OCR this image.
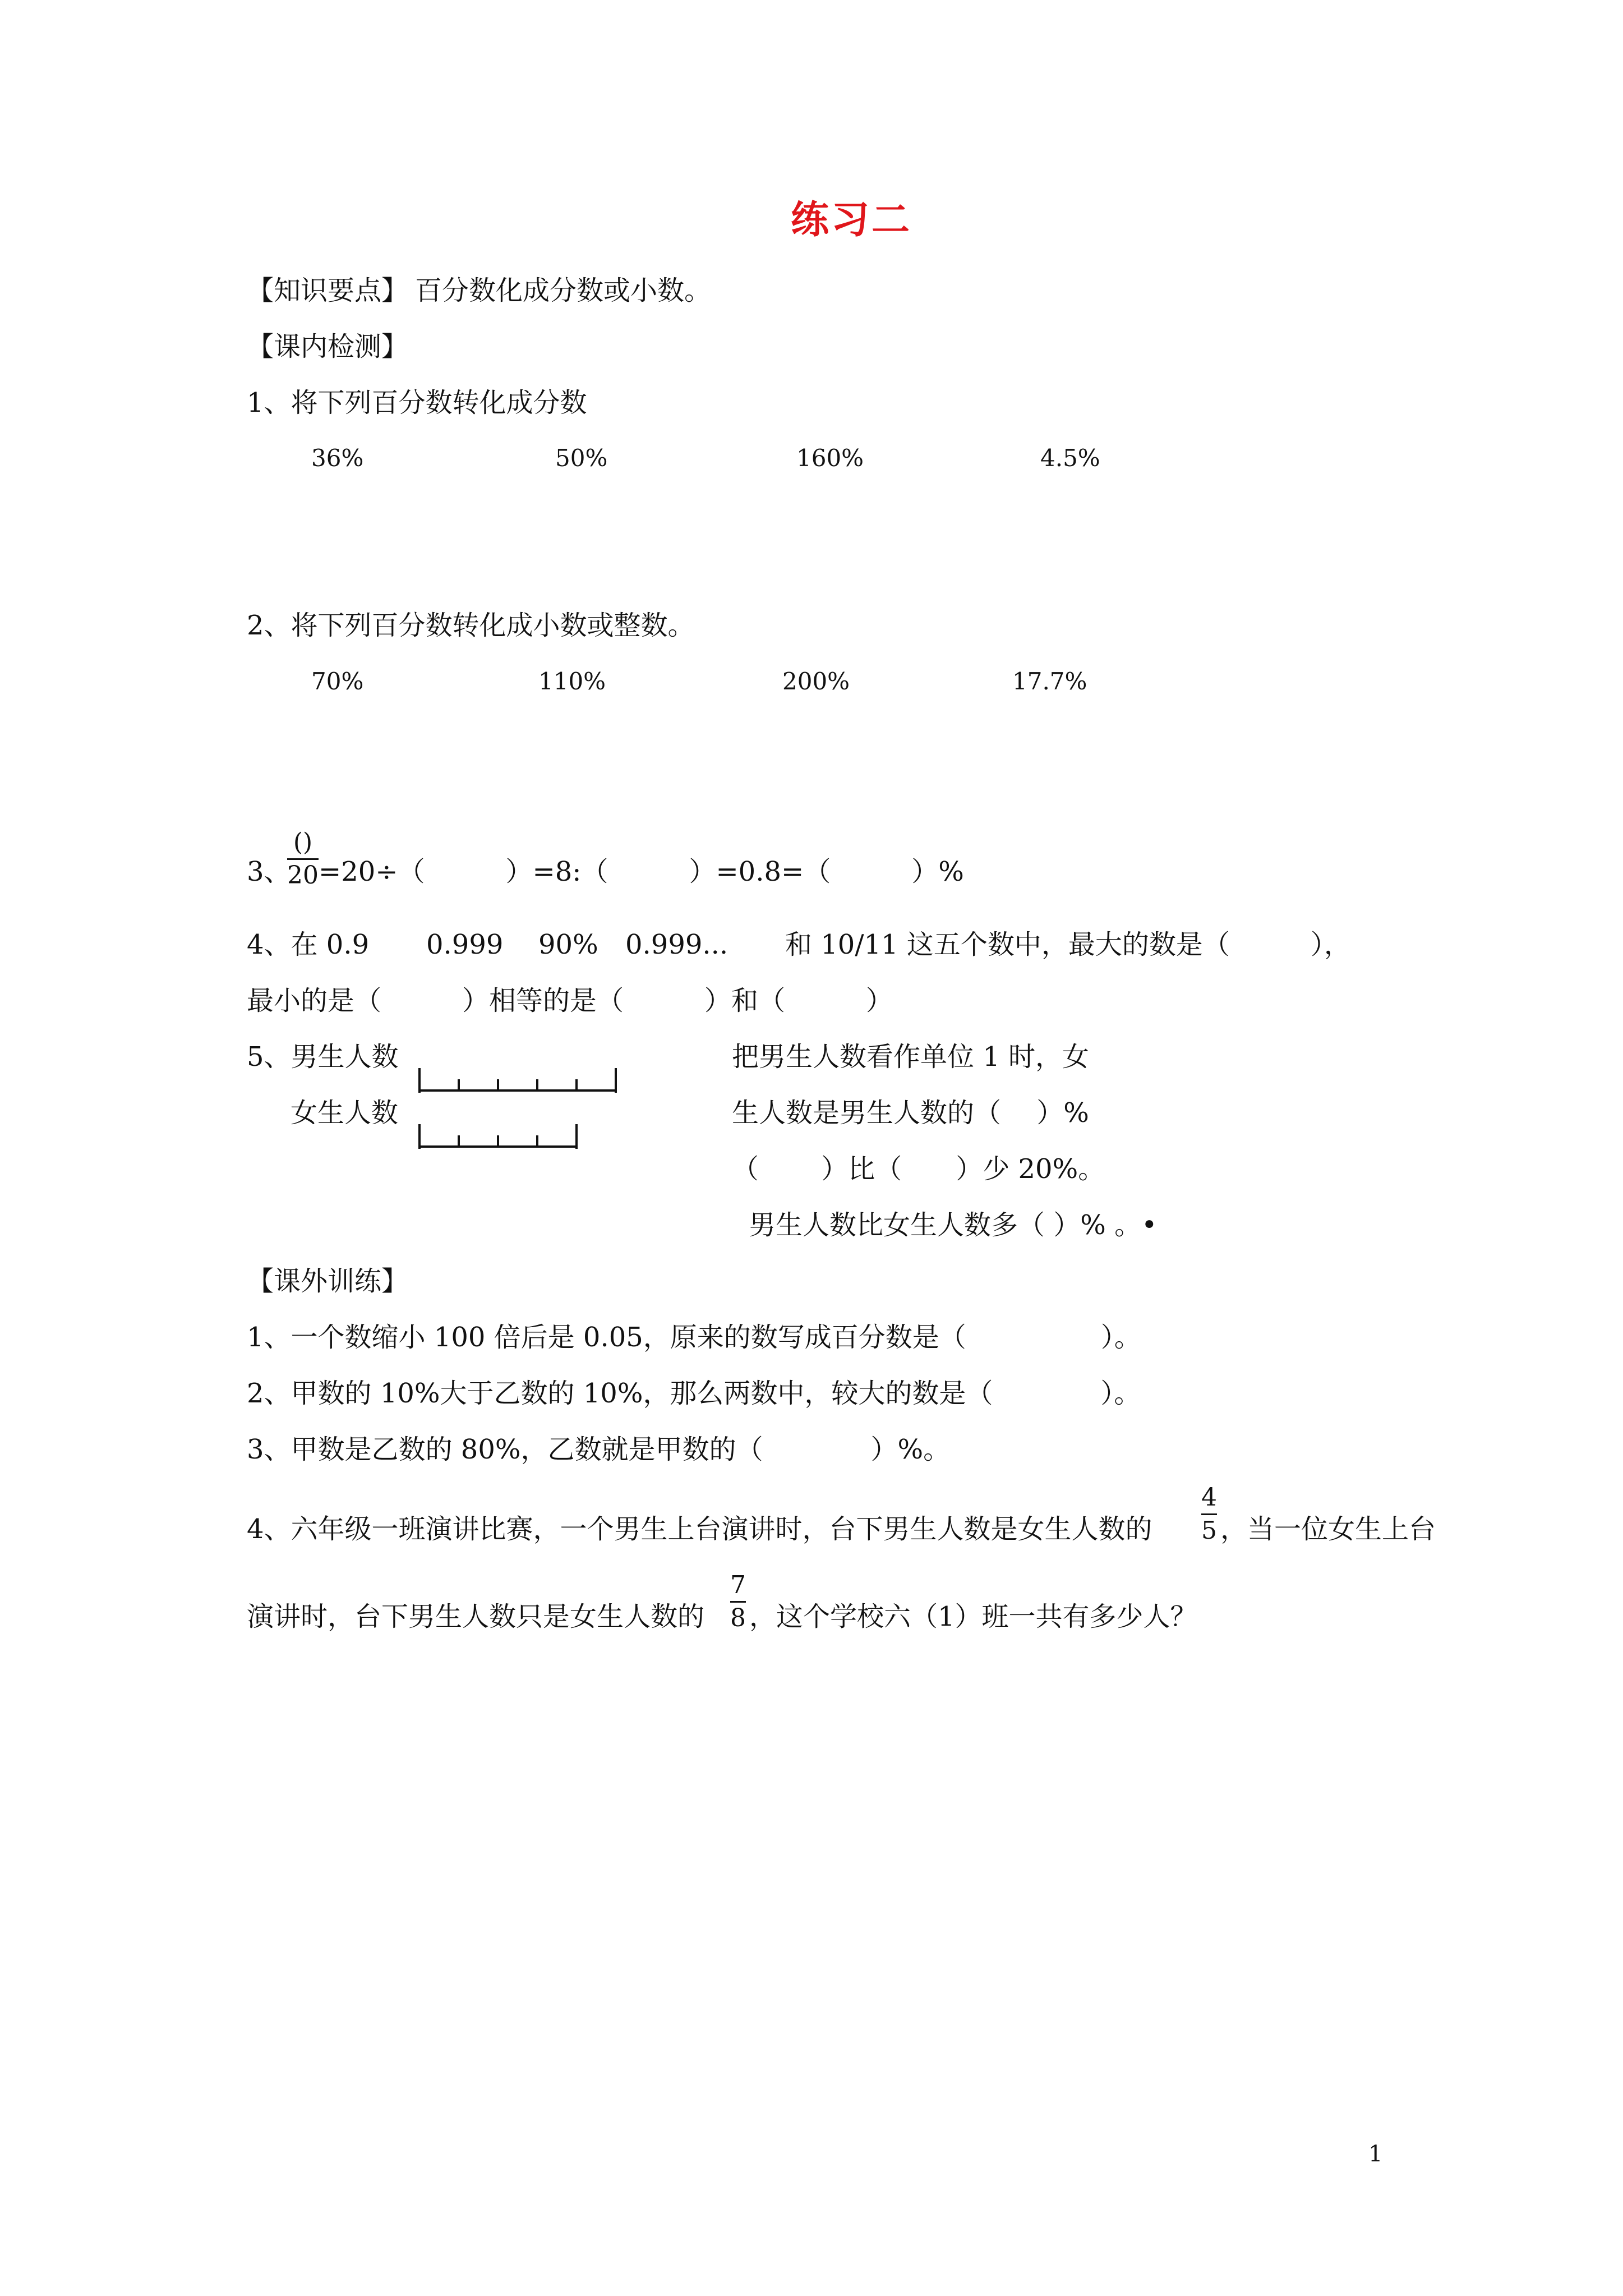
练习二
【知识要点】 百分数化成分数或小数。
【课内检测】
1、将下列百分数转化成分数
36%	50%	160%	4.5%
2、将下列百分数转化成小数或整数。
70%	110%	200%	17.7%
3、
()
20 =20÷（　　　）=8:（　　　）=0.8=（　　　）%
4、在 0.9 0.999 90% 0.999... 和 10/11 这五个数中，最大的数是（　　　），
最小的是（　　　）相等的是（　　　）和（　　　）
5、男生人数
女生人数
把男生人数看作单位 1 时，女
生人数是男生人数的（　 ）%
（　　 ）比（　　）少 20%。
男生人数比女生人数多（ ）% 。•
【课外训练】
1、一个数缩小 100 倍后是 0.05，原来的数写成百分数是（　　　　　）。
2、甲数的 10%大于乙数的 10%，那么两数中，较大的数是（　　　　）。
3、甲数是乙数的 80%，乙数就是甲数的（　　　　）%。
4、六年级一班演讲比赛，一个男生上台演讲时，台下男生人数是女生人数的
4
5 ，当一位女生上台
演讲时，台下男生人数只是女生人数的
7
8 ，这个学校六（1）班一共有多少人？
1
